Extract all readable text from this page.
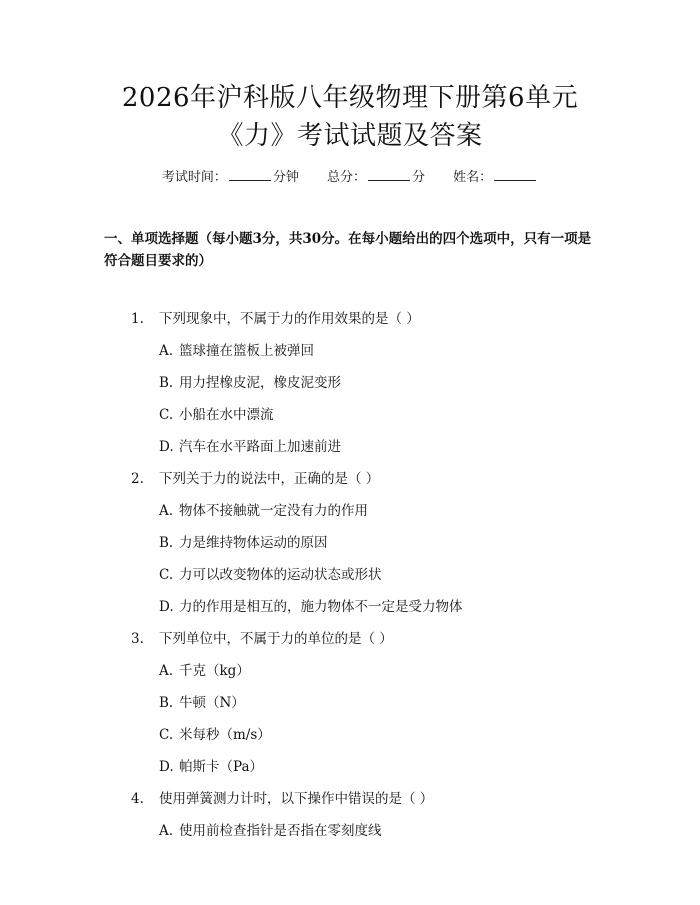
2026年沪科版八年级物理下册第6单元
《力》考试试题及答案
考试时间：	分钟 总分：	分 姓名：
一、单项选择题（每小题3分，共30分。在每小题给出的四个选项中，只有一项是符合题目要求的）
1. 下列现象中，不属于力的作用效果的是（ ）
A. 篮球撞在篮板上被弹回
B. 用力捏橡皮泥，橡皮泥变形
C. 小船在水中漂流
D. 汽车在水平路面上加速前进
2. 下列关于力的说法中，正确的是（ ）
A. 物体不接触就一定没有力的作用
B. 力是维持物体运动的原因
C. 力可以改变物体的运动状态或形状
D. 力的作用是相互的，施力物体不一定是受力物体
3. 下列单位中，不属于力的单位的是（ ）
A. 千克（kg）
B. 牛顿（N）
C. 米每秒（m/s）
D. 帕斯卡（Pa）
4. 使用弹簧测力计时，以下操作中错误的是（ ）
A. 使用前检查指针是否指在零刻度线
